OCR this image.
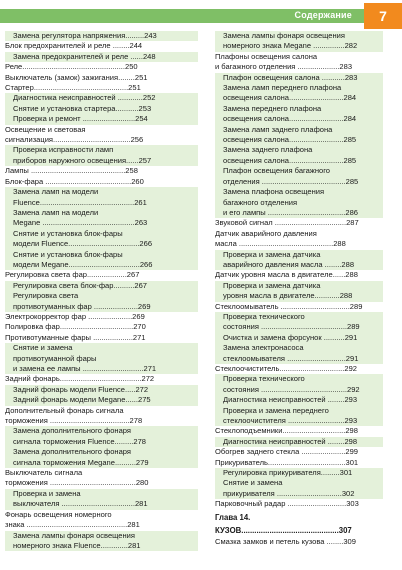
Содержание 7
Замена регулятора напряжения.........243
Блок предохранителей и реле ........244
Замена предохранителей и реле ......248
Реле.................................................250
Выключатель (замок) зажигания........251
Стартер.............................................251
Диагностика неисправностей ............252
Снятие и установка стартера...........253
Проверка и ремонт .........................254
Освещение и световая
сигнализация.....................................256
Проверка исправности ламп
приборов наружного освещения......257
Лампы .............................................258
Блок-фара .........................................260
Замена ламп на модели
Fluence.............................................261
Замена ламп на модели
Megane ............................................263
Снятие и установка блок-фары
модели Fluence..................................266
Снятие и установка блок-фары
модели Megane..................................266
Регулировка света фар...................267
Регулировка света блок-фар..........267
Регулировка света
противотуманных фар .....................269
Электрокорректор фар .....................269
Полировка фар...................................270
Противотуманные фары ...................271
Снятие и замена
противотуманной фары
и замена ее лампы .............................271
Задний фонарь.......................................272
Задний фонарь модели Fluence.....272
Задний фонарь модели Megane......275
Дополнительный фонарь сигнала
торможения ......................................278
Замена дополнительного фонаря
сигнала торможения Fluence.........278
Замена дополнительного фонаря
сигнала торможения Megane..........279
Выключатель сигнала
торможения .........................................280
Проверка и замена
выключателя ...................................281
Фонарь освещения номерного
знака ................................................281
Замена лампы фонаря освещения
номерного знака Fluence.............281
Замена лампы фонаря освещения
номерного знака Megane ...............282
Плафоны освещения салона
и багажного отделения ....................283
Плафон освещения салона ...........283
Замена ламп переднего плафона
освещения салона..........................284
Замена переднего плафона
освещения салона..........................284
Замена ламп заднего плафона
освещения салона..........................285
Замена заднего плафона
освещения салона..........................285
Плафон освещения багажного
отделения ........................................285
Замена плафона освещения
багажного отделения
и его лампы .....................................286
Звуковой сигнал ..................................287
Датчик аварийного давления
масла .............................................288
Проверка и замена датчика
аварийного давления масла ........288
Датчик уровня масла в двигателе......288
Проверка и замена датчика
уровня масла в двигателе............288
Стеклоомыватель .................................289
Проверка технического
состояния .........................................289
Очистка и замена форсунок ..........291
Замена электронасоса
стеклоомывателя ............................291
Стеклоочиститель...............................292
Проверка технического
состояния .........................................292
Диагностика неисправностей ........293
Проверка и замена переднего
стеклоочистителя ...........................293
Стеклоподъемники..............................298
Диагностика неисправностей ........298
Обогрев заднего стекла .....................299
Прикуриватель.....................................301
Регулировка прикуривателя.........301
Снятие и замена
прикуривателя ...............................302
Парковочный радар ............................303
Глава 14.
КУЗОВ.............................................307
Смазка замков и петель кузова ........309
